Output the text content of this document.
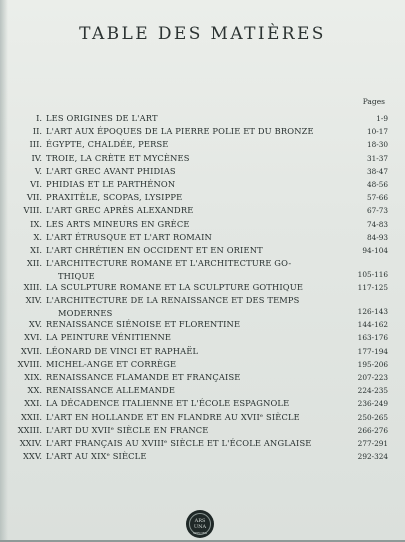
TABLE DES MATIÈRES
Pages
I. LES ORIGINES DE L'ART	1-9
II. L'ART AUX ÉPOQUES DE LA PIERRE POLIE ET DU BRONZE	10-17
III. ÉGYPTE, CHALDÉE, PERSE	18-30
IV. TROIE, LA CRÈTE ET MYCÈNES	31-37
V. L'ART GREC AVANT PHIDIAS	38-47
VI. PHIDIAS ET LE PARTHÉNON	48-56
VII. PRAXITÈLE, SCOPAS, LYSIPPE	57-66
VIII. L'ART GREC APRÈS ALEXANDRE	67-73
IX. LES ARTS MINEURS EN GRÈCE	74-83
X. L'ART ÉTRUSQUE ET L'ART ROMAIN	84-93
XI. L'ART CHRÉTIEN EN OCCIDENT ET EN ORIENT	94-104
XII. L'ARCHITECTURE ROMANE ET L'ARCHITECTURE GO-
THIQUE	105-116
XIII. LA SCULPTURE ROMANE ET LA SCULPTURE GOTHIQUE	117-125
XIV. L'ARCHITECTURE DE LA RENAISSANCE ET DES TEMPS
MODERNES	126-143
XV. RENAISSANCE SIÉNOISE ET FLORENTINE	144-162
XVI. LA PEINTURE VÉNITIENNE	163-176
XVII. LÉONARD DE VINCI ET RAPHAËL	177-194
XVIII. MICHEL-ANGE ET CORRÈGE	195-206
XIX. RENAISSANCE FLAMANDE ET FRANÇAISE	207-223
XX. RENAISSANCE ALLEMANDE	224-235
XXI. LA DÉCADENCE ITALIENNE ET L'ÉCOLE ESPAGNOLE	236-249
XXII. L'ART EN HOLLANDE ET EN FLANDRE AU XVIIᵉ SIÈCLE	250-265
XXIII. L'ART DU XVIIᵉ SIÈCLE EN FRANCE	266-276
XXIV. L'ART FRANÇAIS AU XVIIIᵉ SIÈCLE ET L'ÉCOLE ANGLAISE	277-291
XXV. L'ART AU XIXᵉ SIÈCLE	292-324
ARS
UNA
SPECIES MILLE
